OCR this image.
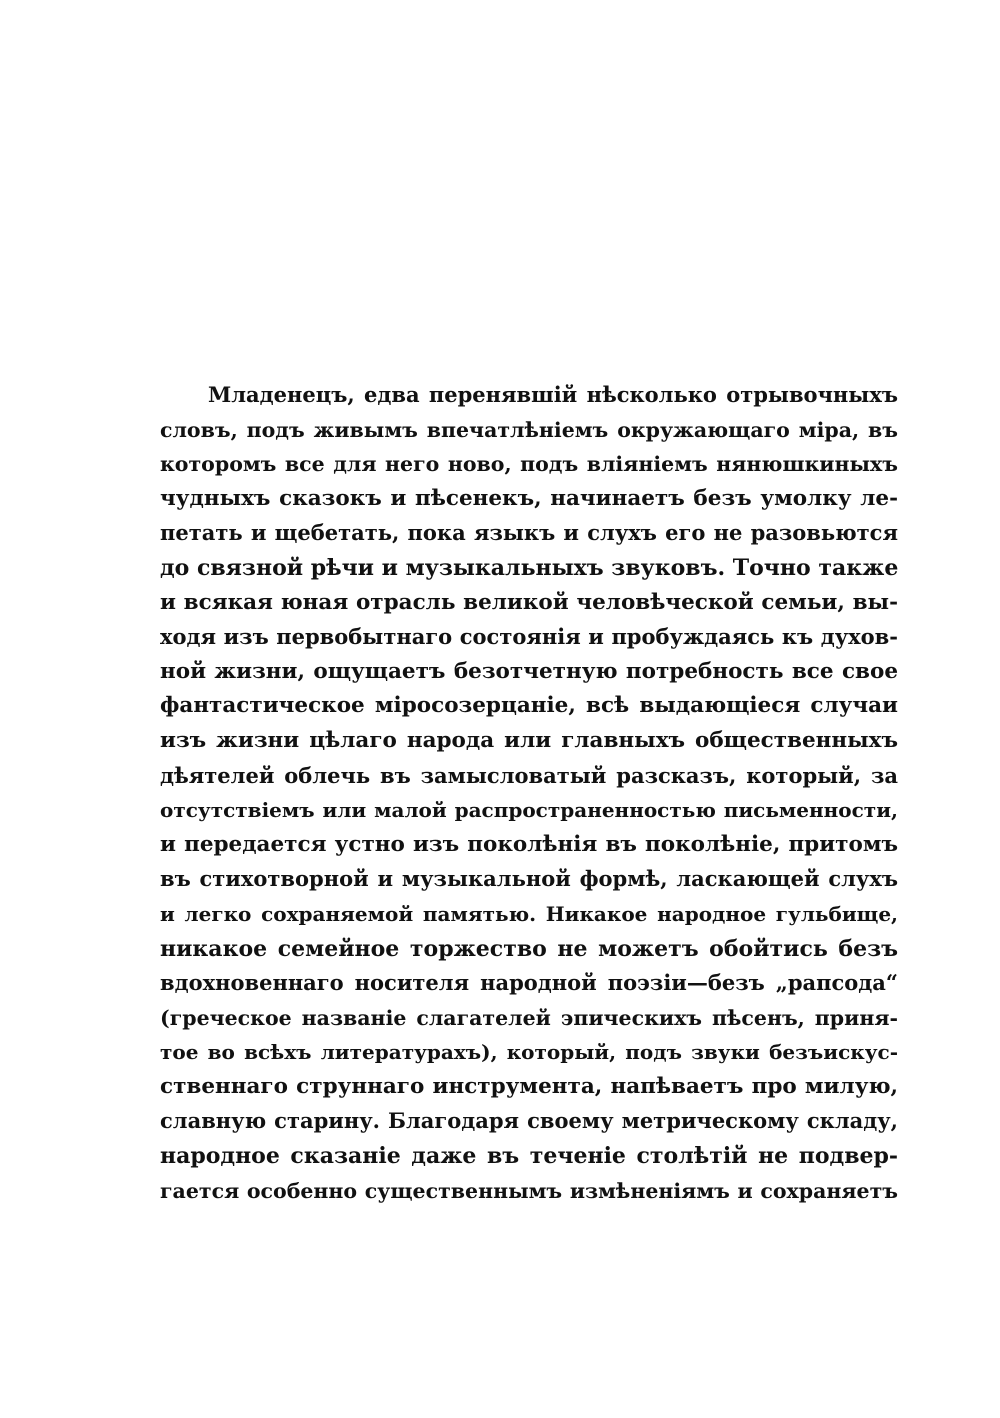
Младенецъ, едва перенявшій нѣсколько отрывочныхъ
словъ, подъ живымъ впечатлѣніемъ окружающаго міра, въ
которомъ все для него ново, подъ вліяніемъ нянюшкиныхъ
чудныхъ сказокъ и пѣсенекъ, начинаетъ безъ умолку ле-
петать и щебетать, пока языкъ и слухъ его не разовьются
до связной рѣчи и музыкальныхъ звуковъ. Точно также
и всякая юная отрасль великой человѣческой семьи, вы-
ходя изъ первобытнаго состоянія и пробуждаясь къ духов-
ной жизни, ощущаетъ безотчетную потребность все свое
фантастическое міросозерцаніе, всѣ выдающіеся случаи
изъ жизни цѣлаго народа или главныхъ общественныхъ
дѣятелей облечь въ замысловатый разсказъ, который, за
отсутствіемъ или малой распространенностью письменности,
и передается устно изъ поколѣнія въ поколѣніе, притомъ
въ стихотворной и музыкальной формѣ, ласкающей слухъ
и легко сохраняемой памятью. Никакое народное гульбище,
никакое семейное торжество не можетъ обойтись безъ
вдохновеннаго носителя народной поэзіи—безъ „рапсода“
(греческое названіе слагателей эпическихъ пѣсенъ, приня-
тое во всѣхъ литературахъ), который, подъ звуки безъискус-
ственнаго струннаго инструмента, напѣваетъ про милую,
славную старину. Благодаря своему метрическому складу,
народное сказаніе даже въ теченіе столѣтій не подвер-
гается особенно существеннымъ измѣненіямъ и сохраняетъ
